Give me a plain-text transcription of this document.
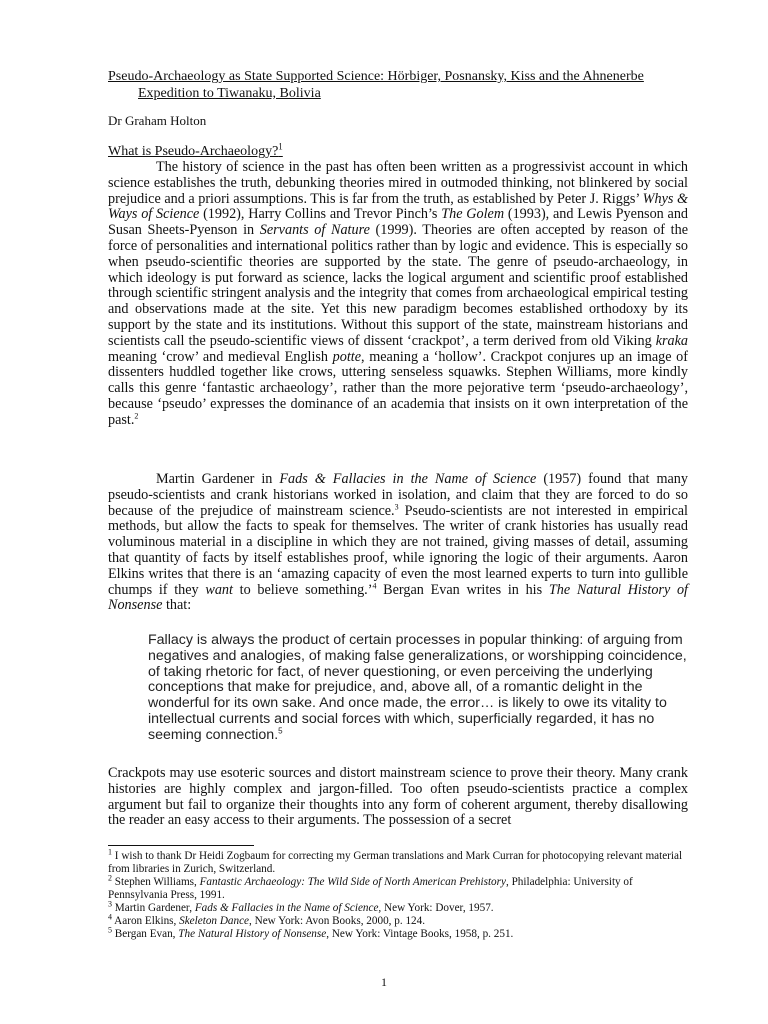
Pseudo-Archaeology as State Supported Science: Hörbiger, Posnansky, Kiss and the Ahnenerbe
Expedition to Tiwanaku, Bolivia
Dr Graham Holton
What is Pseudo-Archaeology?$^1$

The history of science in the past has often been written as a progressivist account in which science establishes the truth, debunking theories mired in outmoded thinking, not blinkered by social prejudice and a priori assumptions. This is far from the truth, as established by Peter J. Riggs’ Whys & Ways of Science (1992), Harry Collins and Trevor Pinch’s The Golem (1993), and Lewis Pyenson and Susan Sheets-Pyenson in Servants of Nature (1999). Theories are often accepted by reason of the force of personalities and international politics rather than by logic and evidence. This is especially so when pseudo-scientific theories are supported by the state. The genre of pseudo-archaeology, in which ideology is put forward as science, lacks the logical argument and scientific proof established through scientific stringent analysis and the integrity that comes from archaeological empirical testing and observations made at the site. Yet this new paradigm becomes established orthodoxy by its support by the state and its institutions. Without this support of the state, mainstream historians and scientists call the pseudo-scientific views of dissent ‘crackpot’, a term derived from old Viking kraka meaning ‘crow’ and medieval English potte, meaning a ‘hollow’. Crackpot conjures up an image of dissenters huddled together like crows, uttering senseless squawks. Stephen Williams, more kindly calls this genre ‘fantastic archaeology’, rather than the more pejorative term ‘pseudo-archaeology’, because ‘pseudo’ expresses the dominance of an academia that insists on it own interpretation of the past.$^2$

Martin Gardener in Fads & Fallacies in the Name of Science (1957) found that many pseudo-scientists and crank historians worked in isolation, and claim that they are forced to do so because of the prejudice of mainstream science.$^3$ Pseudo-scientists are not interested in empirical methods, but allow the facts to speak for themselves. The writer of crank histories has usually read voluminous material in a discipline in which they are not trained, giving masses of detail, assuming that quantity of facts by itself establishes proof, while ignoring the logic of their arguments. Aaron Elkins writes that there is an ‘amazing capacity of even the most learned experts to turn into gullible chumps if they want to believe something.’$^4$ Bergan Evan writes in his The Natural History of Nonsense that:

Fallacy is always the product of certain processes in popular thinking: of arguing from negatives and analogies, of making false generalizations, or worshipping coincidence, of taking rhetoric for fact, of never questioning, or even perceiving the underlying conceptions that make for prejudice, and, above all, of a romantic delight in the wonderful for its own sake. And once made, the error… is likely to owe its vitality to intellectual currents and social forces with which, superficially regarded, it has no seeming connection.$^5$

Crackpots may use esoteric sources and distort mainstream science to prove their theory. Many crank histories are highly complex and jargon-filled. Too often pseudo-scientists practice a complex argument but fail to organize their thoughts into any form of coherent argument, thereby disallowing the reader an easy access to their arguments. The possession of a secret

$^1$ I wish to thank Dr Heidi Zogbaum for correcting my German translations and Mark Curran for photocopying relevant material from libraries in Zurich, Switzerland.

$^2$ Stephen Williams, Fantastic Archaeology: The Wild Side of North American Prehistory, Philadelphia: University of Pennsylvania Press, 1991.

$^3$ Martin Gardener, Fads & Fallacies in the Name of Science, New York: Dover, 1957.

$^4$ Aaron Elkins, Skeleton Dance, New York: Avon Books, 2000, p. 124.

$^5$ Bergan Evan, The Natural History of Nonsense, New York: Vintage Books, 1958, p. 251.

1
